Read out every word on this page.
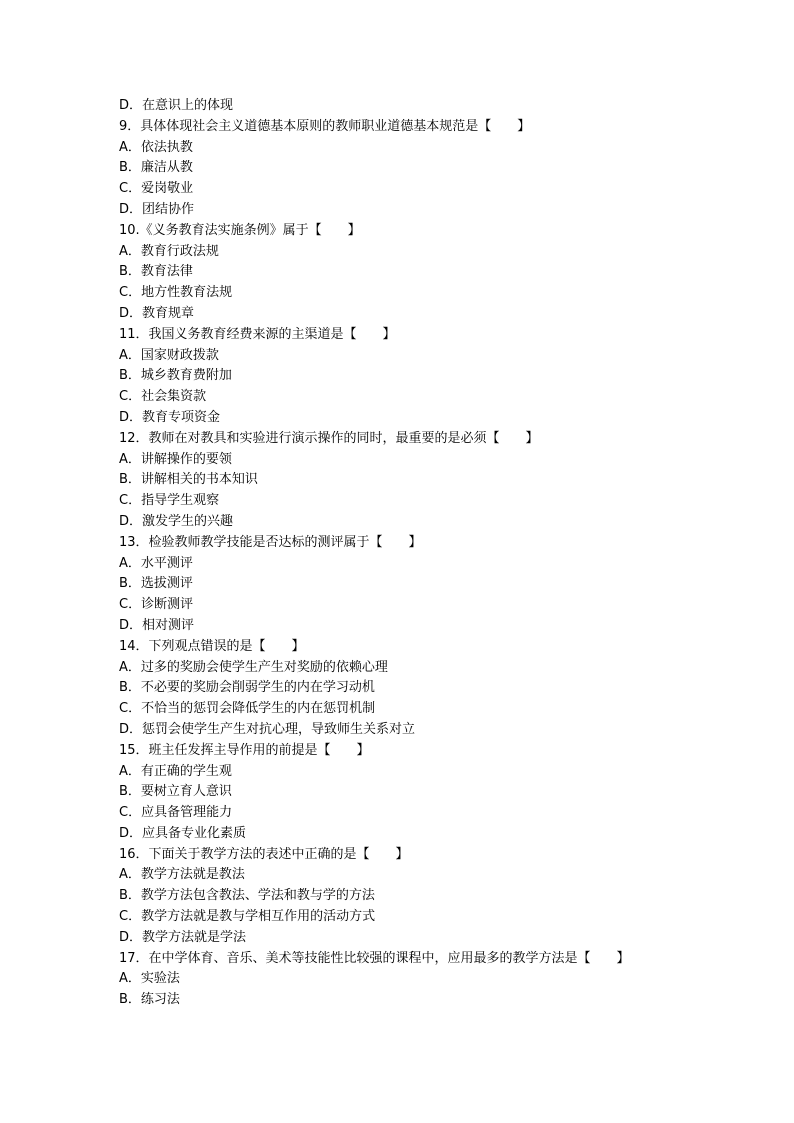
D．在意识上的体现
9．具体体现社会主义道德基本原则的教师职业道德基本规范是【　　】
A．依法执教
B．廉洁从教
C．爱岗敬业
D．团结协作
10.《义务教育法实施条例》属于【　　】
A．教育行政法规
B．教育法律
C．地方性教育法规
D．教育规章
11．我国义务教育经费来源的主渠道是【　　】
A．国家财政拨款
B．城乡教育费附加
C．社会集资款
D．教育专项资金
12．教师在对教具和实验进行演示操作的同时，最重要的是必须【　　】
A．讲解操作的要领
B．讲解相关的书本知识
C．指导学生观察
D．激发学生的兴趣
13．检验教师教学技能是否达标的测评属于【　　】
A．水平测评
B．选拔测评
C．诊断测评
D．相对测评
14．下列观点错误的是【　　】
A．过多的奖励会使学生产生对奖励的依赖心理
B．不必要的奖励会削弱学生的内在学习动机
C．不恰当的惩罚会降低学生的内在惩罚机制
D．惩罚会使学生产生对抗心理，导致师生关系对立
15．班主任发挥主导作用的前提是【　　】
A．有正确的学生观
B．要树立育人意识
C．应具备管理能力
D．应具备专业化素质
16．下面关于教学方法的表述中正确的是【　　】
A．教学方法就是教法
B．教学方法包含教法、学法和教与学的方法
C．教学方法就是教与学相互作用的活动方式
D．教学方法就是学法
17．在中学体育、音乐、美术等技能性比较强的课程中，应用最多的教学方法是【　　】
A．实验法
B．练习法
